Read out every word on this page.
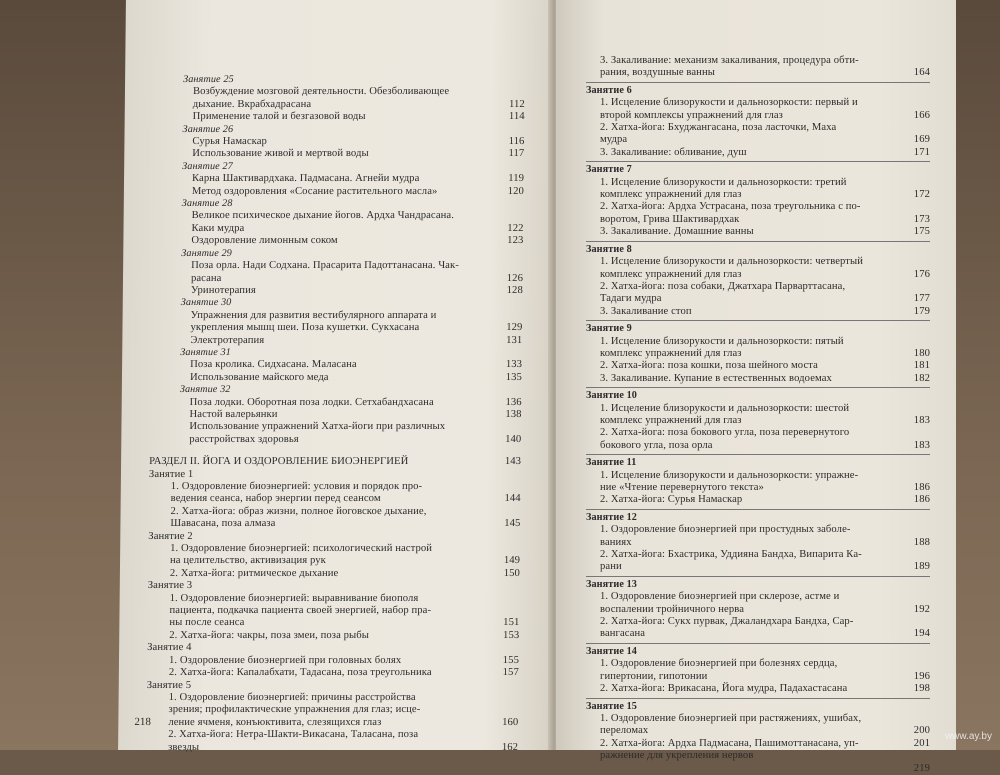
Занятие 25
Возбуждение мозговой деятельности. Обезболивающее
дыхание. Вкрабхадрасана	112
Применение талой и безгазовой воды	114
Занятие 26
Сурья Намаскар	116
Использование живой и мертвой воды	117
Занятие 27
Карна Шактивардхака. Падмасана. Агнейи мудра	119
Метод оздоровления «Сосание растительного масла»	120
Занятие 28
Великое психическое дыхание йогов. Ардха Чандрасана.
Каки мудра	122
Оздоровление лимонным соком	123
Занятие 29
Поза орла. Нади Содхана. Прасарита Падоттанасана. Чак-
расана	126
Уринотерапия	128
Занятие 30
Упражнения для развития вестибулярного аппарата и
укрепления мышц шеи. Поза кушетки. Сукхасана	129
Электротерапия	131
Занятие 31
Поза кролика. Сидхасана. Маласана	133
Использование майского меда	135
Занятие 32
Поза лодки. Оборотная поза лодки. Сетхабандхасана	136
Настой валерьянки	138
Использование упражнений Хатха-йоги при различных
расстройствах здоровья	140
РАЗДЕЛ II. ЙОГА И ОЗДОРОВЛЕНИЕ БИОЭНЕРГИЕЙ	143
Занятие 1
1. Оздоровление биоэнергией: условия и порядок про-
ведения сеанса, набор энергии перед сеансом	144
2. Хатха-йога: образ жизни, полное йоговское дыхание,
Шавасана, поза алмаза	145
Занятие 2
1. Оздоровление биоэнергией: психологический настрой
на целительство, активизация рук	149
2. Хатха-йога: ритмическое дыхание	150
Занятие 3
1. Оздоровление биоэнергией: выравнивание биополя
пациента, подкачка пациента своей энергией, набор пра-
ны после сеанса	151
2. Хатха-йога: чакры, поза змеи, поза рыбы	153
Занятие 4
1. Оздоровление биоэнергией при головных болях	155
2. Хатха-йога: Капалабхати, Тадасана, поза треугольника	157
Занятие 5
1. Оздоровление биоэнергией: причины расстройства
зрения; профилактические упражнения для глаз; исце-
ление ячменя, конъюктивита, слезящихся глаз	160
2. Хатха-йога: Нетра-Шакти-Викасана, Таласана, поза
звезды	162
218
3. Закаливание: механизм закаливания, процедура обти-
рания, воздушные ванны	164
Занятие 6
1. Исцеление близорукости и дальнозоркости: первый и
второй комплексы упражнений для глаз	166
2. Хатха-йога: Бхуджангасана, поза ласточки, Маха
мудра	169
3. Закаливание: обливание, душ	171
Занятие 7
1. Исцеление близорукости и дальнозоркости: третий
комплекс упражнений для глаз	172
2. Хатха-йога: Ардха Устрасана, поза треугольника с по-
воротом, Грива Шактивардхак	173
3. Закаливание. Домашние ванны	175
Занятие 8
1. Исцеление близорукости и дальнозоркости: четвертый
комплекс упражнений для глаз	176
2. Хатха-йога: поза собаки, Джатхара Парварттасана,
Тадаги мудра	177
3. Закаливание стоп	179
Занятие 9
1. Исцеление близорукости и дальнозоркости: пятый
комплекс упражнений для глаз	180
2. Хатха-йога: поза кошки, поза шейного моста	181
3. Закаливание. Купание в естественных водоемах	182
Занятие 10
1. Исцеление близорукости и дальнозоркости: шестой
комплекс упражнений для глаз	183
2. Хатха-йога: поза бокового угла, поза перевернутого
бокового угла, поза орла	183
Занятие 11
1. Исцеление близорукости и дальнозоркости: упражне-
ние «Чтение перевернутого текста»	186
2. Хатха-йога: Сурья Намаскар	186
Занятие 12
1. Оздоровление биоэнергией при простудных заболе-
ваниях	188
2. Хатха-йога: Бхастрика, Уддияна Бандха, Випарита Ка-
рани	189
Занятие 13
1. Оздоровление биоэнергией при склерозе, астме и
воспалении тройничного нерва	192
2. Хатха-йога: Сукх пурвак, Джаландхара Бандха, Сар-
вангасана	194
Занятие 14
1. Оздоровление биоэнергией при болезнях сердца,
гипертонии, гипотонии	196
2. Хатха-йога: Врикасана, Йога мудра, Падахастасана	198
Занятие 15
1. Оздоровление биоэнергией при растяжениях, ушибах,
переломах	200
2. Хатха-йога: Ардха Падмасана, Пашимоттанасана, уп-	201
ражнение для укрепления нервов
219
www.ay.by
